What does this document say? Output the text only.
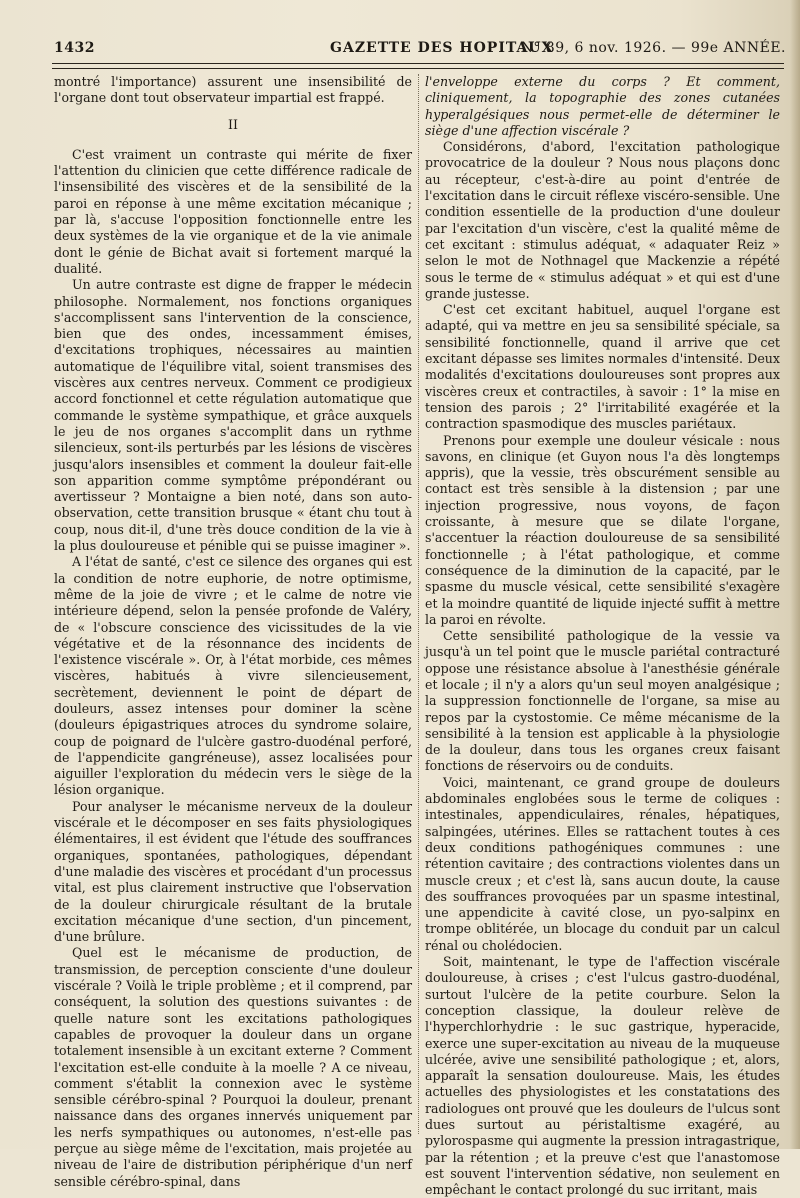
1432	GAZETTE DES HOPITAUX
N° 89, 6 nov. 1926. — 99e ANNÉE.

montré l'importance) assurent une insensibilité de l'organe dont tout observateur impartial est frappé.

II

C'est vraiment un contraste qui mérite de fixer l'attention du clinicien que cette différence radicale de l'insensibilité des viscères et de la sensibilité de la paroi en réponse à une même excitation mécanique ; par là, s'accuse l'opposition fonctionnelle entre les deux systèmes de la vie organique et de la vie animale dont le génie de Bichat avait si fortement marqué la dualité.

Un autre contraste est digne de frapper le médecin philosophe. Normalement, nos fonctions organiques s'accomplissent sans l'intervention de la conscience, bien que des ondes, incessamment émises, d'excitations trophiques, nécessaires au maintien automatique de l'équilibre vital, soient transmises des viscères aux centres nerveux. Comment ce prodigieux accord fonctionnel et cette régulation automatique que commande le système sympathique, et grâce auxquels le jeu de nos organes s'accomplit dans un rythme silencieux, sont-ils perturbés par les lésions de viscères jusqu'alors insensibles et comment la douleur fait-elle son apparition comme symptôme prépondérant ou avertisseur ? Montaigne a bien noté, dans son auto-observation, cette transition brusque « étant chu tout à coup, nous dit-il, d'une très douce condition de la vie à la plus douloureuse et pénible qui se puisse imaginer ».

A l'état de santé, c'est ce silence des organes qui est la condition de notre euphorie, de notre optimisme, même de la joie de vivre ; et le calme de notre vie intérieure dépend, selon la pensée profonde de Valéry, de « l'obscure conscience des vicissitudes de la vie végétative et de la résonnance des incidents de l'existence viscérale ». Or, à l'état morbide, ces mêmes viscères, habitués à vivre silencieusement, secrètement, deviennent le point de départ de douleurs, assez intenses pour dominer la scène (douleurs épigastriques atroces du syndrome solaire, coup de poignard de l'ulcère gastro-duodénal perforé, de l'appendicite gangréneuse), assez localisées pour aiguiller l'exploration du médecin vers le siège de la lésion organique.

Pour analyser le mécanisme nerveux de la douleur viscérale et le décomposer en ses faits physiologiques élémentaires, il est évident que l'étude des souffrances organiques, spontanées, pathologiques, dépendant d'une maladie des viscères et procédant d'un processus vital, est plus clairement instructive que l'observation de la douleur chirurgicale résultant de la brutale excitation mécanique d'une section, d'un pincement, d'une brûlure.

Quel est le mécanisme de production, de transmission, de perception consciente d'une douleur viscérale ? Voilà le triple problème ; et il comprend, par conséquent, la solution des questions suivantes : de quelle nature sont les excitations pathologiques capables de provoquer la douleur dans un organe totalement insensible à un excitant externe ? Comment l'excitation est-elle conduite à la moelle ? A ce niveau, comment s'établit la connexion avec le système sensible cérébro-spinal ? Pourquoi la douleur, prenant naissance dans des organes innervés uniquement par les nerfs sympathiques ou autonomes, n'est-elle pas perçue au siège même de l'excitation, mais projetée au niveau de l'aire de distribution périphérique d'un nerf sensible cérébro-spinal, dans

l'enveloppe externe du corps ? Et comment, cliniquement, la topographie des zones cutanées hyperalgésiques nous permet-elle de déterminer le siège d'une affection viscérale ?

Considérons, d'abord, l'excitation pathologique provocatrice de la douleur ? Nous nous plaçons donc au récepteur, c'est-à-dire au point d'entrée de l'excitation dans le circuit réflexe viscéro-sensible. Une condition essentielle de la production d'une douleur par l'excitation d'un viscère, c'est la qualité même de cet excitant : stimulus adéquat, « adaquater Reiz » selon le mot de Nothnagel que Mackenzie a répété sous le terme de « stimulus adéquat » et qui est d'une grande justesse.

C'est cet excitant habituel, auquel l'organe est adapté, qui va mettre en jeu sa sensibilité spéciale, sa sensibilité fonctionnelle, quand il arrive que cet excitant dépasse ses limites normales d'intensité. Deux modalités d'excitations douloureuses sont propres aux viscères creux et contractiles, à savoir : 1° la mise en tension des parois ; 2° l'irritabilité exagérée et la contraction spasmodique des muscles pariétaux.

Prenons pour exemple une douleur vésicale : nous savons, en clinique (et Guyon nous l'a dès longtemps appris), que la vessie, très obscurément sensible au contact est très sensible à la distension ; par une injection progressive, nous voyons, de façon croissante, à mesure que se dilate l'organe, s'accentuer la réaction douloureuse de sa sensibilité fonctionnelle ; à l'état pathologique, et comme conséquence de la diminution de la capacité, par le spasme du muscle vésical, cette sensibilité s'exagère et la moindre quantité de liquide injecté suffit à mettre la paroi en révolte.

Cette sensibilité pathologique de la vessie va jusqu'à un tel point que le muscle pariétal contracturé oppose une résistance absolue à l'anesthésie générale et locale ; il n'y a alors qu'un seul moyen analgésique ; la suppression fonctionnelle de l'organe, sa mise au repos par la cystostomie. Ce même mécanisme de la sensibilité à la tension est applicable à la physiologie de la douleur, dans tous les organes creux faisant fonctions de réservoirs ou de conduits.

Voici, maintenant, ce grand groupe de douleurs abdominales englobées sous le terme de coliques : intestinales, appendiculaires, rénales, hépatiques, salpingées, utérines. Elles se rattachent toutes à ces deux conditions pathogéniques communes : une rétention cavitaire ; des contractions violentes dans un muscle creux ; et c'est là, sans aucun doute, la cause des souffrances provoquées par un spasme intestinal, une appendicite à cavité close, un pyo-salpinx en trompe oblitérée, un blocage du conduit par un calcul rénal ou cholédocien.

Soit, maintenant, le type de l'affection viscérale douloureuse, à crises ; c'est l'ulcus gastro-duodénal, surtout l'ulcère de la petite courbure. Selon la conception classique, la douleur relève de l'hyperchlorhydrie : le suc gastrique, hyperacide, exerce une super-excitation au niveau de la muqueuse ulcérée, avive une sensibilité pathologique ; et, alors, apparaît la sensation douloureuse. Mais, les études actuelles des physiologistes et les constatations des radiologues ont prouvé que les douleurs de l'ulcus sont dues surtout au péristaltisme exagéré, au pylorospasme qui augmente la pression intragastrique, par la rétention ; et la preuve c'est que l'anastomose est souvent l'intervention sédative, non seulement en empêchant le contact prolongé du suc irritant, mais
